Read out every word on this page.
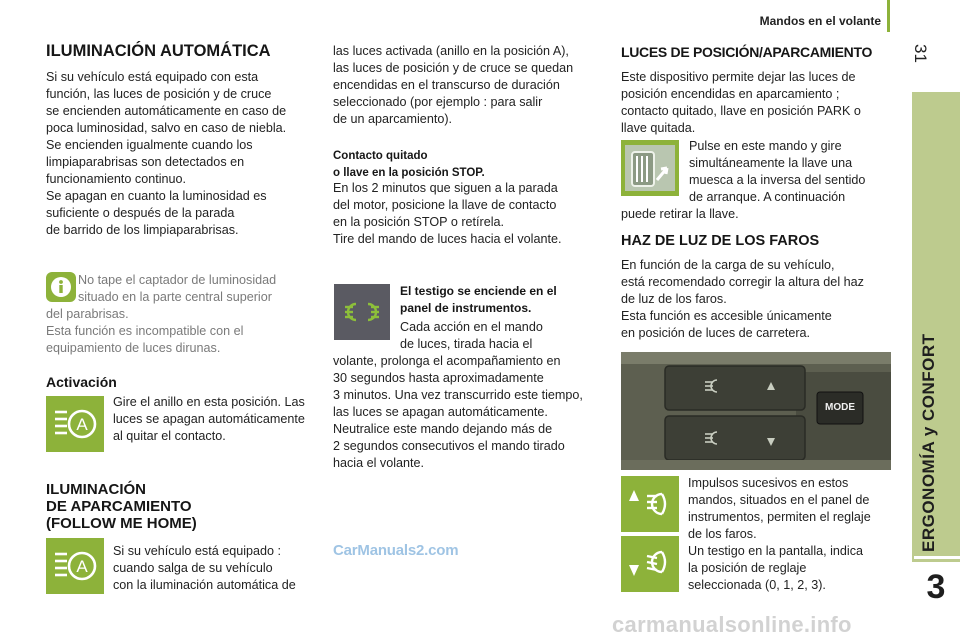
Mandos en el volante
31
ERGONOMÍA y CONFORT
3
ILUMINACIÓN AUTOMÁTICA
Si su vehículo está equipado con esta
función, las luces de posición y de cruce
se encienden automáticamente en caso de
poca luminosidad, salvo en caso de niebla.
Se encienden igualmente cuando los
limpiaparabrisas son detectados en
funcionamiento continuo.
Se apagan en cuanto la luminosidad es
suficiente o después de la parada
de barrido de los limpiaparabrisas.
No tape el captador de luminosidad
situado en la parte central superior
del parabrisas.
Esta función es incompatible con el
equipamiento de luces dirunas.
Activación
A
Gire el anillo en esta posición. Las
luces se apagan automáticamente
al quitar el contacto.
ILUMINACIÓN
DE APARCAMIENTO
(FOLLOW ME HOME)
A
Si su vehículo está equipado :
cuando salga de su vehículo
con la iluminación automática de
las luces activada (anillo en la posición A),
las luces de posición y de cruce se quedan
encendidas en el transcurso de duración
seleccionado (por ejemplo : para salir
de un aparcamiento).
Contacto quitado
o llave en la posición STOP.
En los 2 minutos que siguen a la parada
del motor, posicione la llave de contacto
en la posición STOP o retírela.
Tire del mando de luces hacia el volante.
El testigo se enciende en el
panel de instrumentos.
Cada acción en el mando
de luces, tirada hacia el
volante, prolonga el acompañamiento en
30 segundos hasta aproximadamente
3 minutos. Una vez transcurrido este tiempo,
las luces se apagan automáticamente.
Neutralice este mando dejando más de
2 segundos consecutivos el mando tirado
hacia el volante.
CarManuals2.com
LUCES DE POSICIÓN/APARCAMIENTO
Este dispositivo permite dejar las luces de
posición encendidas en aparcamiento ;
contacto quitado, llave en posición PARK o
llave quitada.
Pulse en este mando y gire
simultáneamente la llave una
muesca a la inversa del sentido
de arranque. A continuación
puede retirar la llave.
HAZ DE LUZ DE LOS FAROS
En función de la carga de su vehículo,
está recomendado corregir la altura del haz
de luz de los faros.
Esta función es accesible únicamente
en posición de luces de carretera.
MODE
Impulsos sucesivos en estos
mandos, situados en el panel de
instrumentos, permiten el reglaje
de los faros.
Un testigo en la pantalla, indica
la posición de reglaje
seleccionada (0, 1, 2, 3).
carmanualsonline.info
